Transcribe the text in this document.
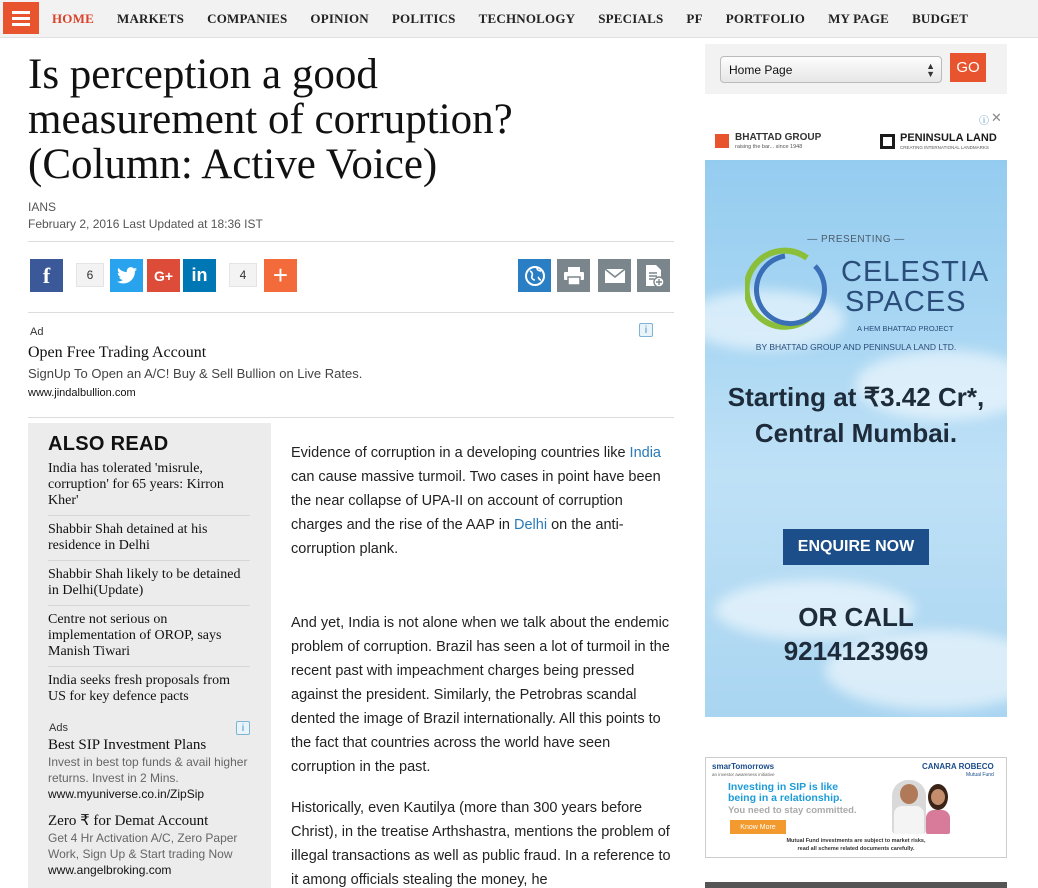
HOME MARKETS COMPANIES OPINION POLITICS TECHNOLOGY SPECIALS PF PORTFOLIO MY PAGE BUDGET
Is perception a good
measurement of corruption?
(Column: Active Voice)
IANS
February 2, 2016 Last Updated at 18:36 IST
f	6	G+ in	4	+
Ad	i
Open Free Trading Account
SignUp To Open an A/C! Buy & Sell Bullion on Live Rates.
www.jindalbullion.com
ALSO READ
India has tolerated 'misrule, corruption' for 65 years: Kirron Kher'
Shabbir Shah detained at his residence in Delhi
Shabbir Shah likely to be detained in Delhi(Update)
Centre not serious on implementation of OROP, says Manish Tiwari
India seeks fresh proposals from US for key defence pacts
Ads	i
Best SIP Investment Plans
Invest in best top funds & avail higher returns. Invest in 2 Mins.
www.myuniverse.co.in/ZipSip
Zero ₹ for Demat Account
Get 4 Hr Activation A/C, Zero Paper Work, Sign Up & Start trading Now
www.angelbroking.com
Evidence of corruption in a developing countries like India can cause massive turmoil. Two cases in point have been the near collapse of UPA-II on account of corruption charges and the rise of the AAP in Delhi on the anti-corruption plank.
And yet, India is not alone when we talk about the endemic problem of corruption. Brazil has seen a lot of turmoil in the recent past with impeachment charges being pressed against the president. Similarly, the Petrobras scandal dented the image of Brazil internationally. All this points to the fact that countries across the world have seen corruption in the past.
Historically, even Kautilya (more than 300 years before Christ), in the treatise Arthshastra, mentions the problem of illegal transactions as well as public fraud. In a reference to it among officials stealing the money, he
Home Page	▲
▼	GO
ⓘ ✕
BHATTAD GROUP
raising the bar... since 1948
PENINSULA LAND
CREATING INTERNATIONAL LANDMARKS
— PRESENTING —
CELESTIA
SPACES
A HEM BHATTAD PROJECT
BY BHATTAD GROUP AND PENINSULA LAND LTD.
Starting at ₹3.42 Cr*,
Central Mumbai.
ENQUIRE NOW
OR CALL
9214123969
smarTomorrows
an investor awareness initiative
CANARA ROBECO
Mutual Fund
Investing in SIP is like
being in a relationship.
You need to stay committed.
Know More
Mutual Fund investments are subject to market risks,
read all scheme related documents carefully.
